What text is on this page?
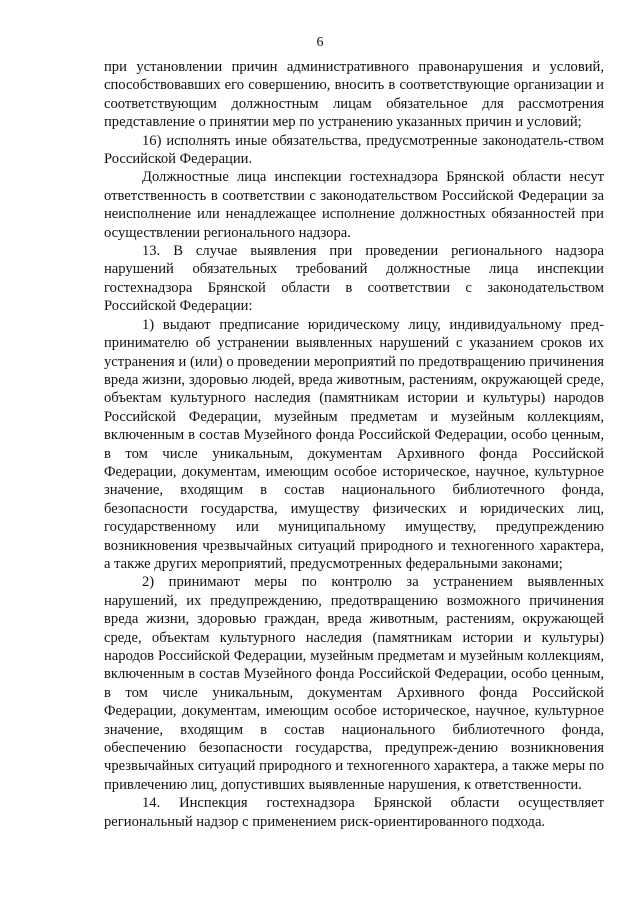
6

при установлении причин административного правонарушения и условий, способствовавших его совершению, вносить в соответствующие организации и соответствующим должностным лицам обязательное для рассмотрения представление о принятии мер по устранению указанных причин и условий;

16) исполнять иные обязательства, предусмотренные законодатель-ством Российской Федерации.

Должностные лица инспекции гостехнадзора Брянской области несут ответственность в соответствии с законодательством Российской Федерации за неисполнение или ненадлежащее исполнение должностных обязанностей при осуществлении регионального надзора.

13. В случае выявления при проведении регионального надзора нарушений обязательных требований должностные лица инспекции гостехнадзора Брянской области в соответствии с законодательством Российской Федерации:

1) выдают предписание юридическому лицу, индивидуальному пред-принимателю об устранении выявленных нарушений с указанием сроков их устранения и (или) о проведении мероприятий по предотвращению причинения вреда жизни, здоровью людей, вреда животным, растениям, окружающей среде, объектам культурного наследия (памятникам истории и культуры) народов Российской Федерации, музейным предметам и музейным коллекциям, включенным в состав Музейного фонда Российской Федерации, особо ценным, в том числе уникальным, документам Архивного фонда Российской Федерации, документам, имеющим особое историческое, научное, культурное значение, входящим в состав национального библиотечного фонда, безопасности государства, имуществу физических и юридических лиц, государственному или муниципальному имуществу, предупреждению возникновения чрезвычайных ситуаций природного и техногенного характера, а также других мероприятий, предусмотренных федеральными законами;

2) принимают меры по контролю за устранением выявленных нарушений, их предупреждению, предотвращению возможного причинения вреда жизни, здоровью граждан, вреда животным, растениям, окружающей среде, объектам культурного наследия (памятникам истории и культуры) народов Российской Федерации, музейным предметам и музейным коллекциям, включенным в состав Музейного фонда Российской Федерации, особо ценным, в том числе уникальным, документам Архивного фонда Российской Федерации, документам, имеющим особое историческое, научное, культурное значение, входящим в состав национального библиотечного фонда, обеспечению безопасности государства, предупреж-дению возникновения чрезвычайных ситуаций природного и техногенного характера, а также меры по привлечению лиц, допустивших выявленные нарушения, к ответственности.

14. Инспекция гостехнадзора Брянской области осуществляет региональный надзор с применением риск-ориентированного подхода.
